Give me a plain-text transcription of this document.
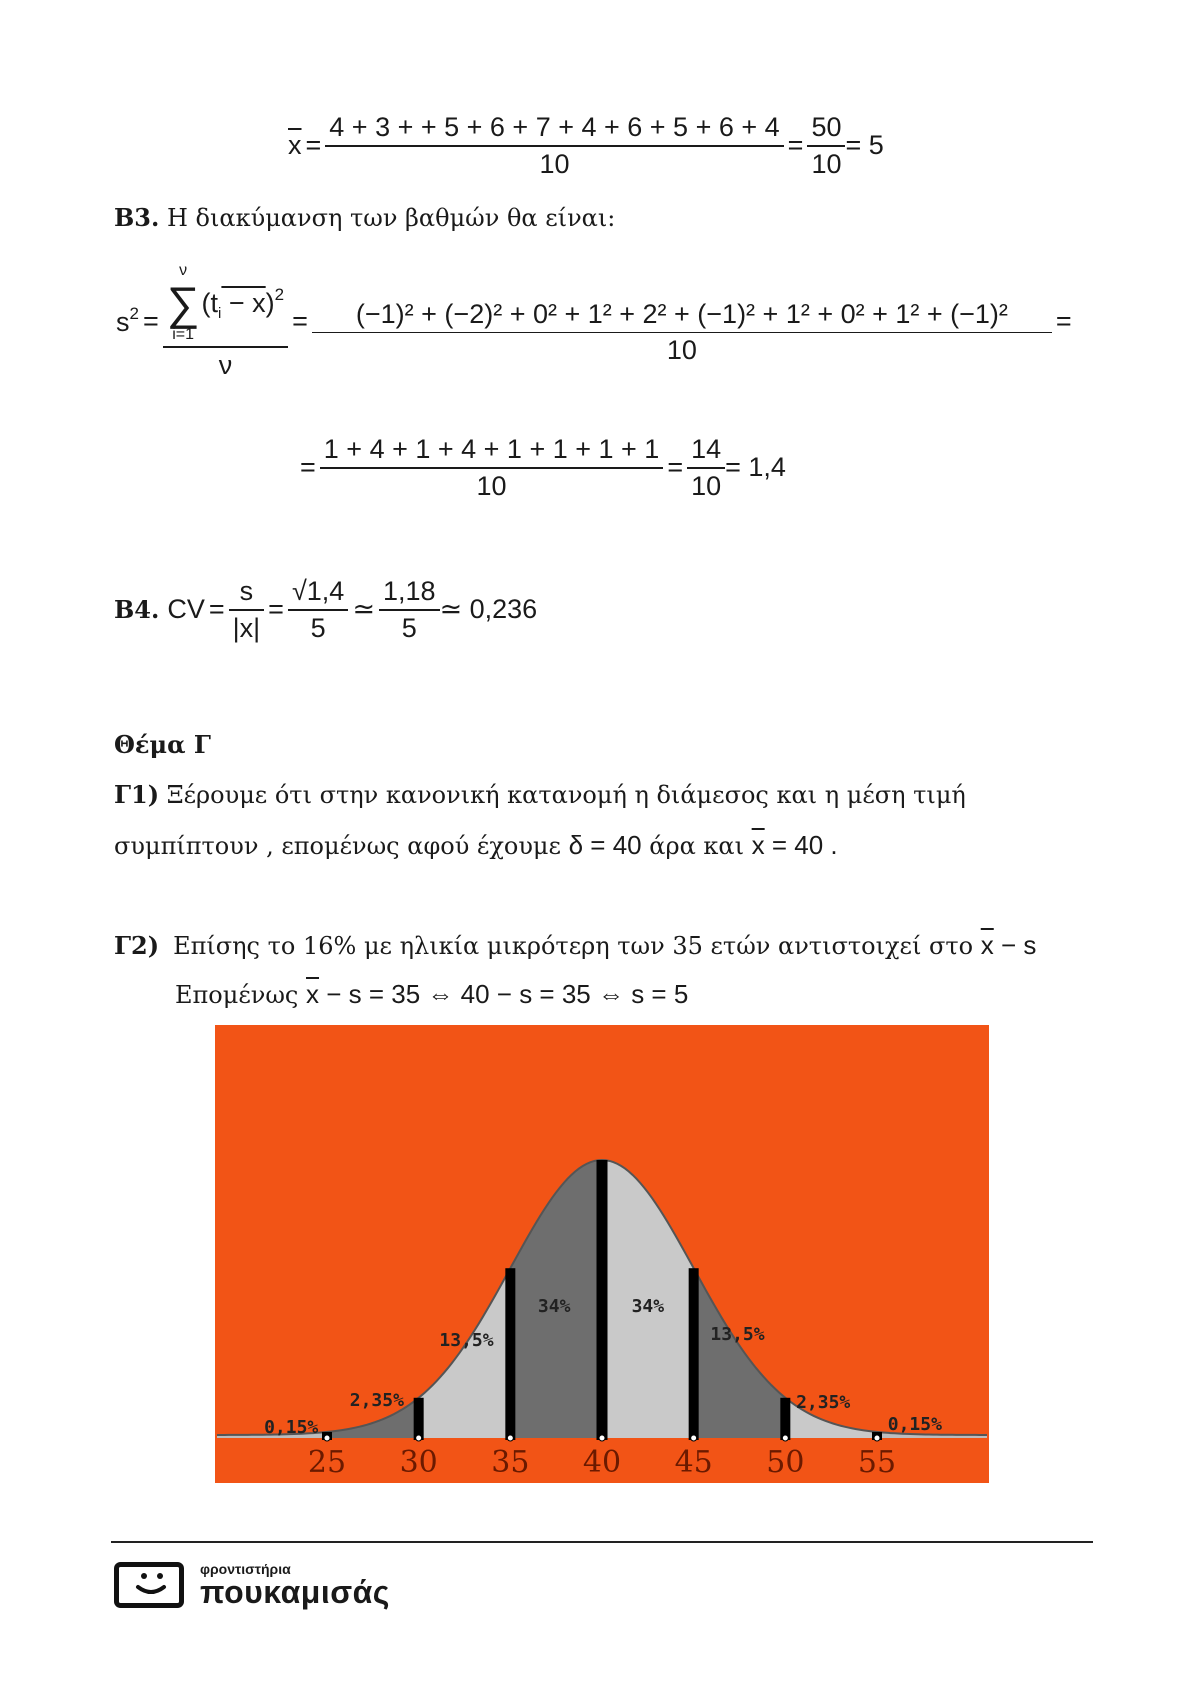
$\overline{x} = \frac{4 + 3 + + 5 + 6 + 7 + 4 + 6 + 5 + 6 + 4}{10} = \frac{50}{10} = 5$
Β3. Η διακύμανση των βαθμών θα είναι:
$s^2 = \nu$
∑
i=1
$(t_i - x)^2$
$\nu = \frac{\text{(−1)² + (−2)² + 0² + 1² + 2² + (−1)² + 1² + 0² + 1² + (−1)²}}{10}$ =
= $\frac{1 + 4 + 1 + 4 + 1 + 1 + 1 + 1}{10} = \frac{14}{10} = 1,4$
Β4. CV = $\frac{s}{|x|} = \frac{√1,4}{5}$ ≃ $\frac{1,18}{5}$ ≃ 0,236
Θέμα Γ
Γ1) Ξέρουμε ότι στην κανονική κατανομή η διάμεσος και η μέση τιμή
συμπίπτουν , επομένως αφού έχουμε δ = 40 άρα και $\overline{x} = 40$ .
Γ2) Επίσης το 16% με ηλικία μικρότερη των 35 ετών αντιστοιχεί στο $\overline{x} - s$
Επομένως $\overline{x} - s = 35$ ⇔ 40 − s = 35 ⇔ s = 5
0,15%
2,35%
13,5%
34%	34%
13,5%
2,35%
0,15%
25 30 35 40 45 50 55
φροντιστήρια
πουκαμισάς
